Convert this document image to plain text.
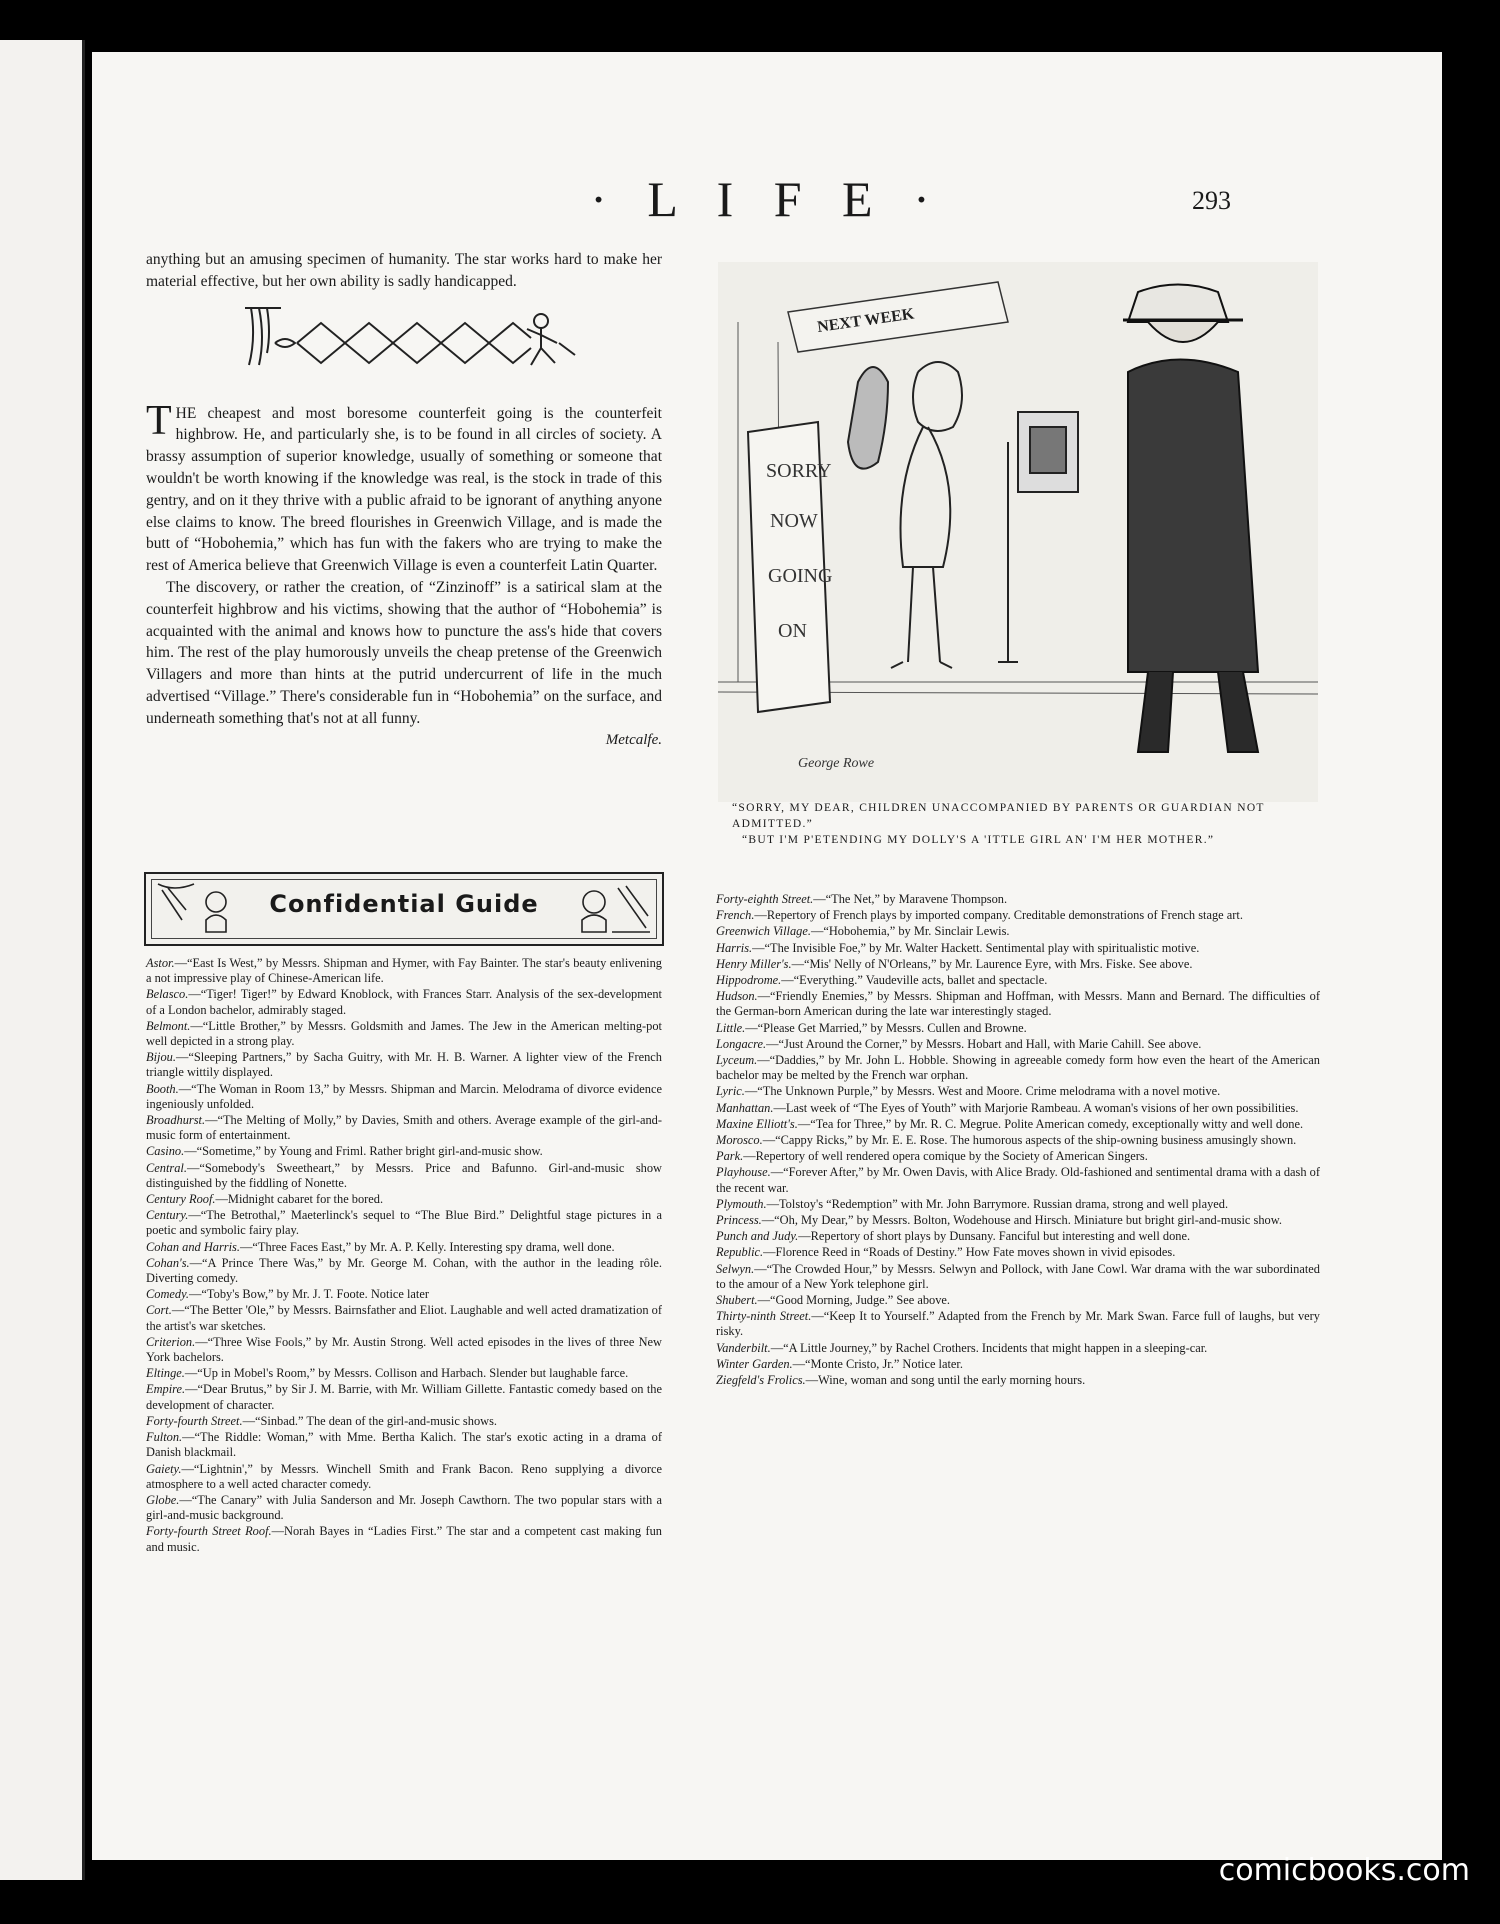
· L I F E ·	293

anything but an amusing specimen of humanity. The star works hard to make her material effective, but her own ability is sadly handicapped.

THE cheapest and most boresome counterfeit going is the counterfeit highbrow. He, and particularly she, is to be found in all circles of society. A brassy assumption of superior knowledge, usually of something or someone that wouldn't be worth knowing if the knowledge was real, is the stock in trade of this gentry, and on it they thrive with a public afraid to be ignorant of anything anyone else claims to know. The breed flourishes in Greenwich Village, and is made the butt of “Hobohemia,” which has fun with the fakers who are trying to make the rest of America believe that Greenwich Village is even a counterfeit Latin Quarter.

The discovery, or rather the creation, of “Zinzinoff” is a satirical slam at the counterfeit highbrow and his victims, showing that the author of “Hobohemia” is acquainted with the animal and knows how to puncture the ass's hide that covers him. The rest of the play humorously unveils the cheap pretense of the Greenwich Villagers and more than hints at the putrid undercurrent of life in the much advertised “Village.” There's considerable fun in “Hobohemia” on the surface, and underneath something that's not at all funny.

Metcalfe.
NEXT WEEK
SORRY
NOW
GOING
ON
George Rowe

“SORRY, MY DEAR, CHILDREN UNACCOMPANIED BY PARENTS OR GUARDIAN NOT ADMITTED.”

“BUT I'M P'ETENDING MY DOLLY'S A 'ITTLE GIRL AN' I'M HER MOTHER.”

Confidential Guide

Astor.—“East Is West,” by Messrs. Shipman and Hymer, with Fay Bainter. The star's beauty enlivening a not impressive play of Chinese-American life.

Belasco.—“Tiger! Tiger!” by Edward Knoblock, with Frances Starr. Analysis of the sex-development of a London bachelor, admirably staged.

Belmont.—“Little Brother,” by Messrs. Goldsmith and James. The Jew in the American melting-pot well depicted in a strong play.

Bijou.—“Sleeping Partners,” by Sacha Guitry, with Mr. H. B. Warner. A lighter view of the French triangle wittily displayed.

Booth.—“The Woman in Room 13,” by Messrs. Shipman and Marcin. Melodrama of divorce evidence ingeniously unfolded.

Broadhurst.—“The Melting of Molly,” by Davies, Smith and others. Average example of the girl-and-music form of entertainment.

Casino.—“Sometime,” by Young and Friml. Rather bright girl-and-music show.

Central.—“Somebody's Sweetheart,” by Messrs. Price and Bafunno. Girl-and-music show distinguished by the fiddling of Nonette.

Century Roof.—Midnight cabaret for the bored.

Century.—“The Betrothal,” Maeterlinck's sequel to “The Blue Bird.” Delightful stage pictures in a poetic and symbolic fairy play.

Cohan and Harris.—“Three Faces East,” by Mr. A. P. Kelly. Interesting spy drama, well done.

Cohan's.—“A Prince There Was,” by Mr. George M. Cohan, with the author in the leading rôle. Diverting comedy.

Comedy.—“Toby's Bow,” by Mr. J. T. Foote. Notice later

Cort.—“The Better 'Ole,” by Messrs. Bairnsfather and Eliot. Laughable and well acted dramatization of the artist's war sketches.

Criterion.—“Three Wise Fools,” by Mr. Austin Strong. Well acted episodes in the lives of three New York bachelors.

Eltinge.—“Up in Mobel's Room,” by Messrs. Collison and Harbach. Slender but laughable farce.

Empire.—“Dear Brutus,” by Sir J. M. Barrie, with Mr. William Gillette. Fantastic comedy based on the development of character.

Forty-fourth Street.—“Sinbad.” The dean of the girl-and-music shows.

Fulton.—“The Riddle: Woman,” with Mme. Bertha Kalich. The star's exotic acting in a drama of Danish blackmail.

Gaiety.—“Lightnin',” by Messrs. Winchell Smith and Frank Bacon. Reno supplying a divorce atmosphere to a well acted character comedy.

Globe.—“The Canary” with Julia Sanderson and Mr. Joseph Cawthorn. The two popular stars with a girl-and-music background.

Forty-fourth Street Roof.—Norah Bayes in “Ladies First.” The star and a competent cast making fun and music.

Forty-eighth Street.—“The Net,” by Maravene Thompson.

French.—Repertory of French plays by imported company. Creditable demonstrations of French stage art.

Greenwich Village.—“Hobohemia,” by Mr. Sinclair Lewis.

Harris.—“The Invisible Foe,” by Mr. Walter Hackett. Sentimental play with spiritualistic motive.

Henry Miller's.—“Mis' Nelly of N'Orleans,” by Mr. Laurence Eyre, with Mrs. Fiske. See above.

Hippodrome.—“Everything.” Vaudeville acts, ballet and spectacle.

Hudson.—“Friendly Enemies,” by Messrs. Shipman and Hoffman, with Messrs. Mann and Bernard. The difficulties of the German-born American during the late war interestingly staged.

Little.—“Please Get Married,” by Messrs. Cullen and Browne.

Longacre.—“Just Around the Corner,” by Messrs. Hobart and Hall, with Marie Cahill. See above.

Lyceum.—“Daddies,” by Mr. John L. Hobble. Showing in agreeable comedy form how even the heart of the American bachelor may be melted by the French war orphan.

Lyric.—“The Unknown Purple,” by Messrs. West and Moore. Crime melodrama with a novel motive.

Manhattan.—Last week of “The Eyes of Youth” with Marjorie Rambeau. A woman's visions of her own possibilities.

Maxine Elliott's.—“Tea for Three,” by Mr. R. C. Megrue. Polite American comedy, exceptionally witty and well done.

Morosco.—“Cappy Ricks,” by Mr. E. E. Rose. The humorous aspects of the ship-owning business amusingly shown.

Park.—Repertory of well rendered opera comique by the Society of American Singers.

Playhouse.—“Forever After,” by Mr. Owen Davis, with Alice Brady. Old-fashioned and sentimental drama with a dash of the recent war.

Plymouth.—Tolstoy's “Redemption” with Mr. John Barrymore. Russian drama, strong and well played.

Princess.—“Oh, My Dear,” by Messrs. Bolton, Wodehouse and Hirsch. Miniature but bright girl-and-music show.

Punch and Judy.—Repertory of short plays by Dunsany. Fanciful but interesting and well done.

Republic.—Florence Reed in “Roads of Destiny.” How Fate moves shown in vivid episodes.

Selwyn.—“The Crowded Hour,” by Messrs. Selwyn and Pollock, with Jane Cowl. War drama with the war subordinated to the amour of a New York telephone girl.

Shubert.—“Good Morning, Judge.” See above.

Thirty-ninth Street.—“Keep It to Yourself.” Adapted from the French by Mr. Mark Swan. Farce full of laughs, but very risky.

Vanderbilt.—“A Little Journey,” by Rachel Crothers. Incidents that might happen in a sleeping-car.

Winter Garden.—“Monte Cristo, Jr.” Notice later.

Ziegfeld's Frolics.—Wine, woman and song until the early morning hours.

comicbooks.com
